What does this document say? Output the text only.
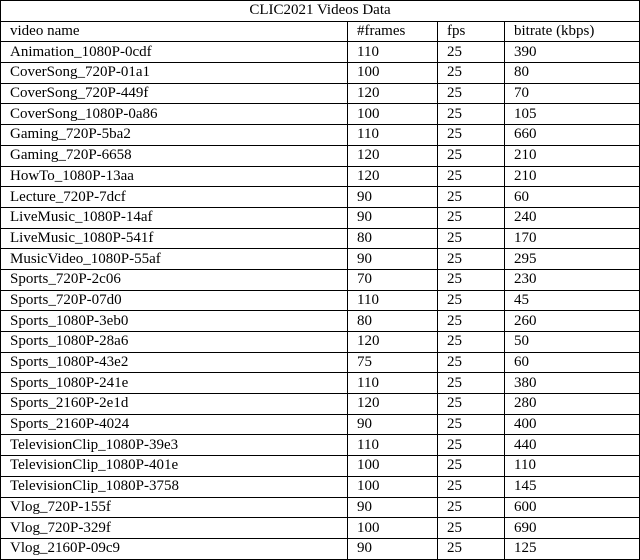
CLIC2021 Videos Data			
video name	#frames	fps	bitrate (kbps)
Animation_1080P-0cdf	110	25	390
CoverSong_720P-01a1	100	25	80
CoverSong_720P-449f	120	25	70
CoverSong_1080P-0a86	100	25	105
Gaming_720P-5ba2	110	25	660
Gaming_720P-6658	120	25	210
HowTo_1080P-13aa	120	25	210
Lecture_720P-7dcf	90	25	60
LiveMusic_1080P-14af	90	25	240
LiveMusic_1080P-541f	80	25	170
MusicVideo_1080P-55af	90	25	295
Sports_720P-2c06	70	25	230
Sports_720P-07d0	110	25	45
Sports_1080P-3eb0	80	25	260
Sports_1080P-28a6	120	25	50
Sports_1080P-43e2	75	25	60
Sports_1080P-241e	110	25	380
Sports_2160P-2e1d	120	25	280
Sports_2160P-4024	90	25	400
TelevisionClip_1080P-39e3	110	25	440
TelevisionClip_1080P-401e	100	25	110
TelevisionClip_1080P-3758	100	25	145
Vlog_720P-155f	90	25	600
Vlog_720P-329f	100	25	690
Vlog_2160P-09c9	90	25	125
